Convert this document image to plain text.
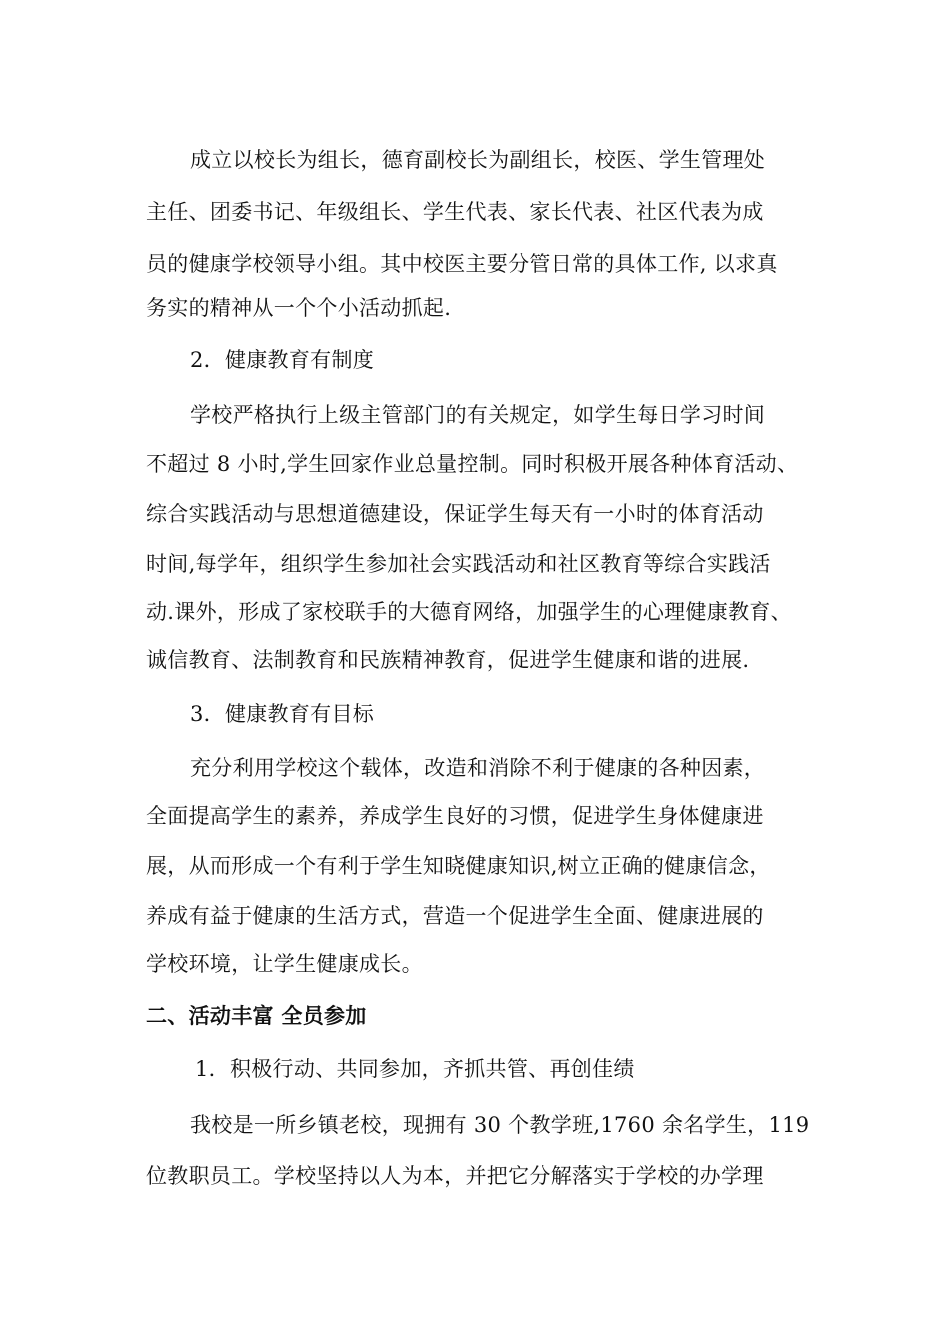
成立以校长为组长，德育副校长为副组长，校医、学生管理处
主任、团委书记、年级组长、学生代表、家长代表、社区代表为成
员的健康学校领导小组。其中校医主要分管日常的具体工作, 以求真
务实的精神从一个个小活动抓起.
2．健康教育有制度
学校严格执行上级主管部门的有关规定，如学生每日学习时间
不超过 8 小时,学生回家作业总量控制。同时积极开展各种体育活动、
综合实践活动与思想道德建设，保证学生每天有一小时的体育活动
时间,每学年，组织学生参加社会实践活动和社区教育等综合实践活
动.课外，形成了家校联手的大德育网络，加强学生的心理健康教育、
诚信教育、法制教育和民族精神教育，促进学生健康和谐的进展.
3．健康教育有目标
充分利用学校这个载体，改造和消除不利于健康的各种因素，
全面提高学生的素养，养成学生良好的习惯，促进学生身体健康进
展，从而形成一个有利于学生知晓健康知识,树立正确的健康信念，
养成有益于健康的生活方式，营造一个促进学生全面、健康进展的
学校环境，让学生健康成长。
二、活动丰富 全员参加
1．积极行动、共同参加，齐抓共管、再创佳绩
我校是一所乡镇老校，现拥有 30 个教学班,1760 余名学生，119
位教职员工。学校坚持以人为本，并把它分解落实于学校的办学理
